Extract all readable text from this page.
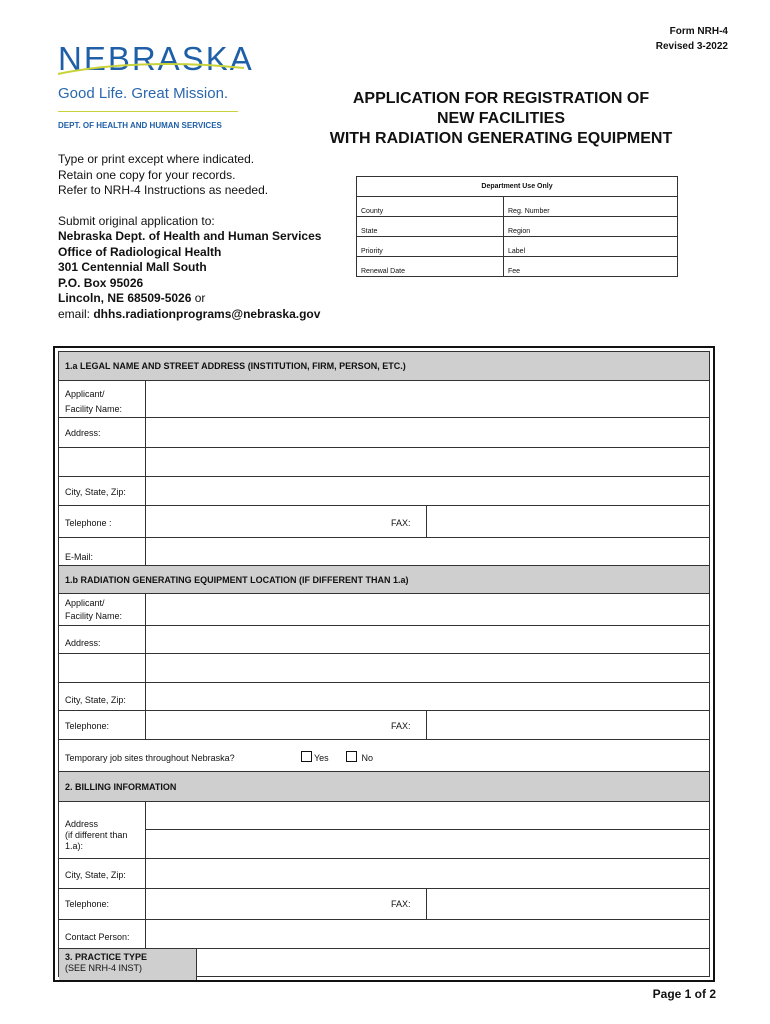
Form NRH-4
Revised 3-2022
NEBRASKA
Good Life. Great Mission.
DEPT. OF HEALTH AND HUMAN SERVICES
APPLICATION FOR REGISTRATION OF
NEW FACILITIES
WITH RADIATION GENERATING EQUIPMENT
Type or print except where indicated.
Retain one copy for your records.
Refer to NRH-4 Instructions as needed.
Submit original application to:
Nebraska Dept. of Health and Human Services
Office of Radiological Health
301 Centennial Mall South
P.O. Box 95026
Lincoln, NE 68509-5026 or
email: dhhs.radiationprograms@nebraska.gov
Department Use Only	
County	Reg. Number
State	Region
Priority	Label
Renewal Date	Fee
1.a LEGAL NAME AND STREET ADDRESS (INSTITUTION, FIRM, PERSON, ETC.)
Applicant/
Facility Name:
Address:
City, State, Zip:
Telephone :	FAX:
E-Mail:
1.b RADIATION GENERATING EQUIPMENT LOCATION (IF DIFFERENT THAN 1.a)
Applicant/
Facility Name:
Address:
City, State, Zip:
Telephone:	FAX:
Temporary job sites throughout Nebraska?	Yes	No
2. BILLING INFORMATION
Address
(if different than
1.a):
City, State, Zip:
Telephone:	FAX:
Contact Person:
3. PRACTICE TYPE
(SEE NRH-4 INST)
Page 1 of 2
